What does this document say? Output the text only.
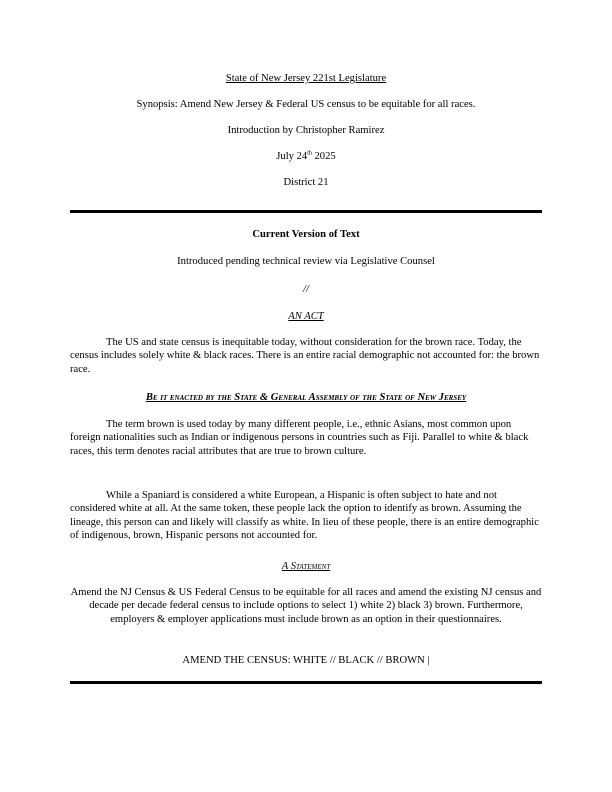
State of New Jersey 221st Legislature
Synopsis: Amend New Jersey & Federal US census to be equitable for all races.
Introduction by Christopher Ramirez
July 24th 2025
District 21
Current Version of Text
Introduced pending technical review via Legislative Counsel
//
AN ACT
The US and state census is inequitable today, without consideration for the brown race. Today, the census includes solely white & black races. There is an entire racial demographic not accounted for: the brown race.
Be it enacted by the State & General Assembly of the State of New Jersey
The term brown is used today by many different people, i.e., ethnic Asians, most common upon foreign nationalities such as Indian or indigenous persons in countries such as Fiji. Parallel to white & black races, this term denotes racial attributes that are true to brown culture.
While a Spaniard is considered a white European, a Hispanic is often subject to hate and not considered white at all. At the same token, these people lack the option to identify as brown. Assuming the lineage, this person can and likely will classify as white. In lieu of these people, there is an entire demographic of indigenous, brown, Hispanic persons not accounted for.
A Statement
Amend the NJ Census & US Federal Census to be equitable for all races and amend the existing NJ census and decade per decade federal census to include options to select 1) white 2) black 3) brown. Furthermore, employers & employer applications must include brown as an option in their questionnaires.
AMEND THE CENSUS: WHITE // BLACK // BROWN |
